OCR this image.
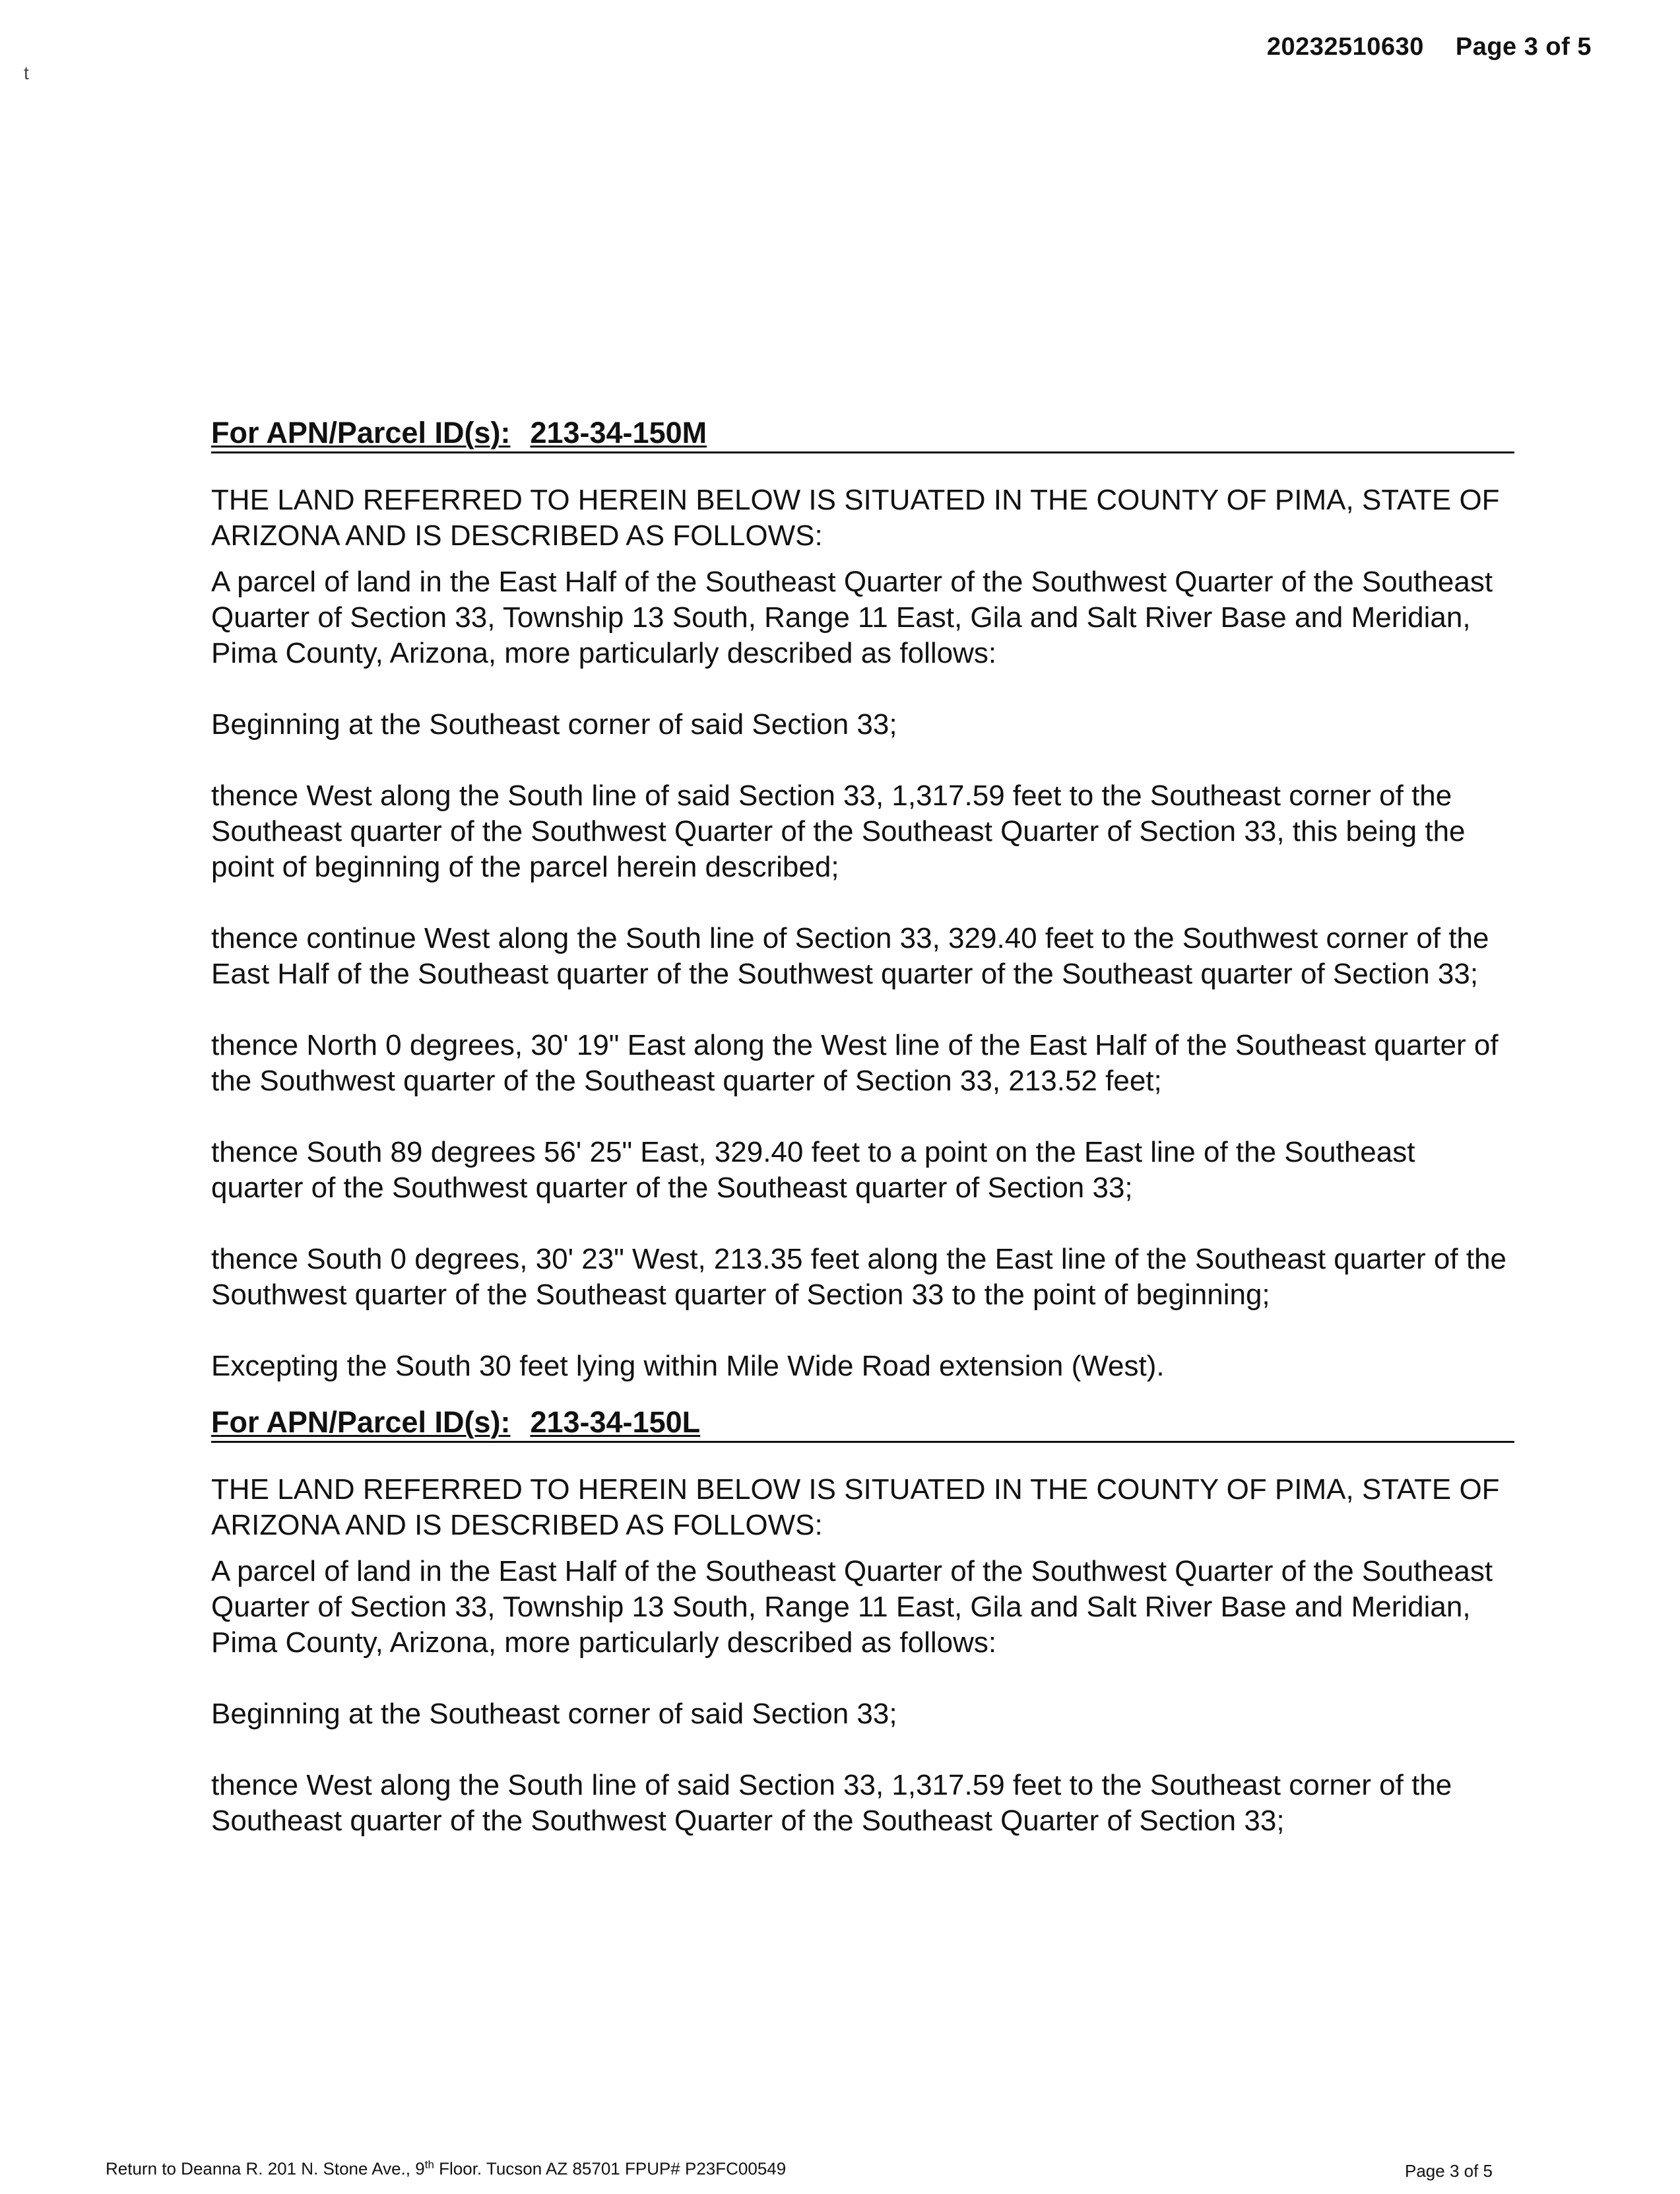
t
20232510630 Page 3 of 5
For APN/Parcel ID(s): 213-34-150M

THE LAND REFERRED TO HEREIN BELOW IS SITUATED IN THE COUNTY OF PIMA, STATE OF ARIZONA AND IS DESCRIBED AS FOLLOWS:

A parcel of land in the East Half of the Southeast Quarter of the Southwest Quarter of the Southeast Quarter of Section 33, Township 13 South, Range 11 East, Gila and Salt River Base and Meridian, Pima County, Arizona, more particularly described as follows:

Beginning at the Southeast corner of said Section 33;

thence West along the South line of said Section 33, 1,317.59 feet to the Southeast corner of the Southeast quarter of the Southwest Quarter of the Southeast Quarter of Section 33, this being the point of beginning of the parcel herein described;

thence continue West along the South line of Section 33, 329.40 feet to the Southwest corner of the East Half of the Southeast quarter of the Southwest quarter of the Southeast quarter of Section 33;

thence North 0 degrees, 30' 19" East along the West line of the East Half of the Southeast quarter of the Southwest quarter of the Southeast quarter of Section 33, 213.52 feet;

thence South 89 degrees 56' 25" East, 329.40 feet to a point on the East line of the Southeast quarter of the Southwest quarter of the Southeast quarter of Section 33;

thence South 0 degrees, 30' 23" West, 213.35 feet along the East line of the Southeast quarter of the Southwest quarter of the Southeast quarter of Section 33 to the point of beginning;

Excepting the South 30 feet lying within Mile Wide Road extension (West).

For APN/Parcel ID(s): 213-34-150L

THE LAND REFERRED TO HEREIN BELOW IS SITUATED IN THE COUNTY OF PIMA, STATE OF ARIZONA AND IS DESCRIBED AS FOLLOWS:

A parcel of land in the East Half of the Southeast Quarter of the Southwest Quarter of the Southeast Quarter of Section 33, Township 13 South, Range 11 East, Gila and Salt River Base and Meridian, Pima County, Arizona, more particularly described as follows:

Beginning at the Southeast corner of said Section 33;

thence West along the South line of said Section 33, 1,317.59 feet to the Southeast corner of the Southeast quarter of the Southwest Quarter of the Southeast Quarter of Section 33;

Return to Deanna R. 201 N. Stone Ave., 9th Floor. Tucson AZ 85701 FPUP# P23FC00549	Page 3 of 5
